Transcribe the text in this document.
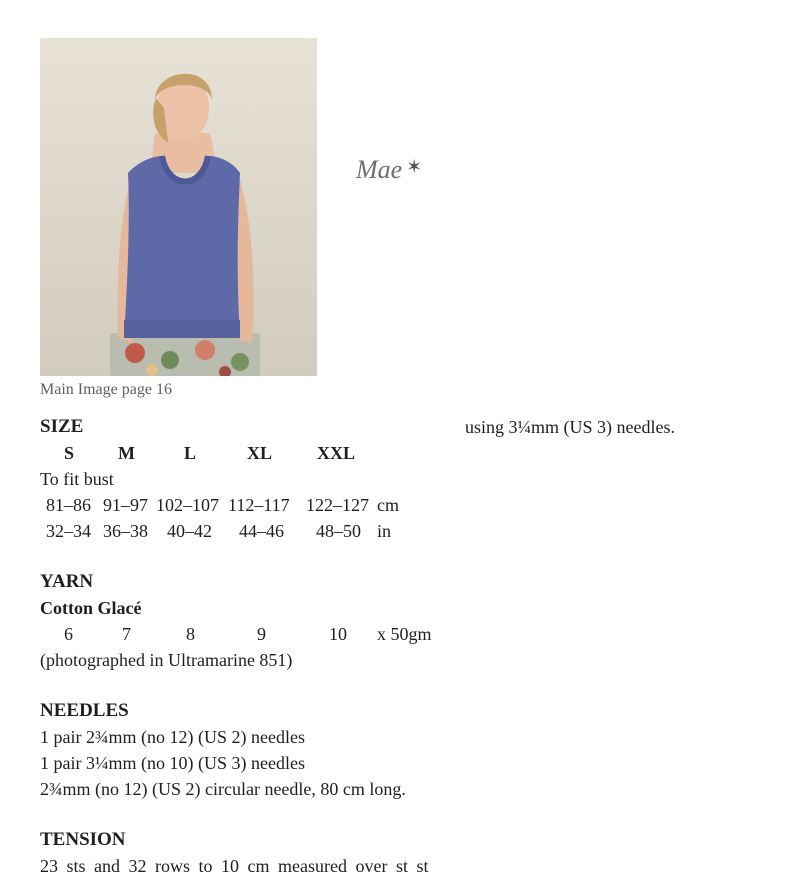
Main Image page 16
Mae ✶
SIZE
S M	L	XL XXL
To fit bust
81–86 91–97 102–107 112–117 122–127 cm
32–34 36–38 40–42 44–46 48–50 in
YARN
Cotton Glacé
6	7	8	9	10 x 50gm
(photographed in Ultramarine 851)
NEEDLES
1 pair 2¾mm (no 12) (US 2) needles
1 pair 3¼mm (no 10) (US 3) needles
2¾mm (no 12) (US 2) circular needle, 80 cm long.
TENSION
23 sts and 32 rows to 10 cm measured over st st
using 3¼mm (US 3) needles.
